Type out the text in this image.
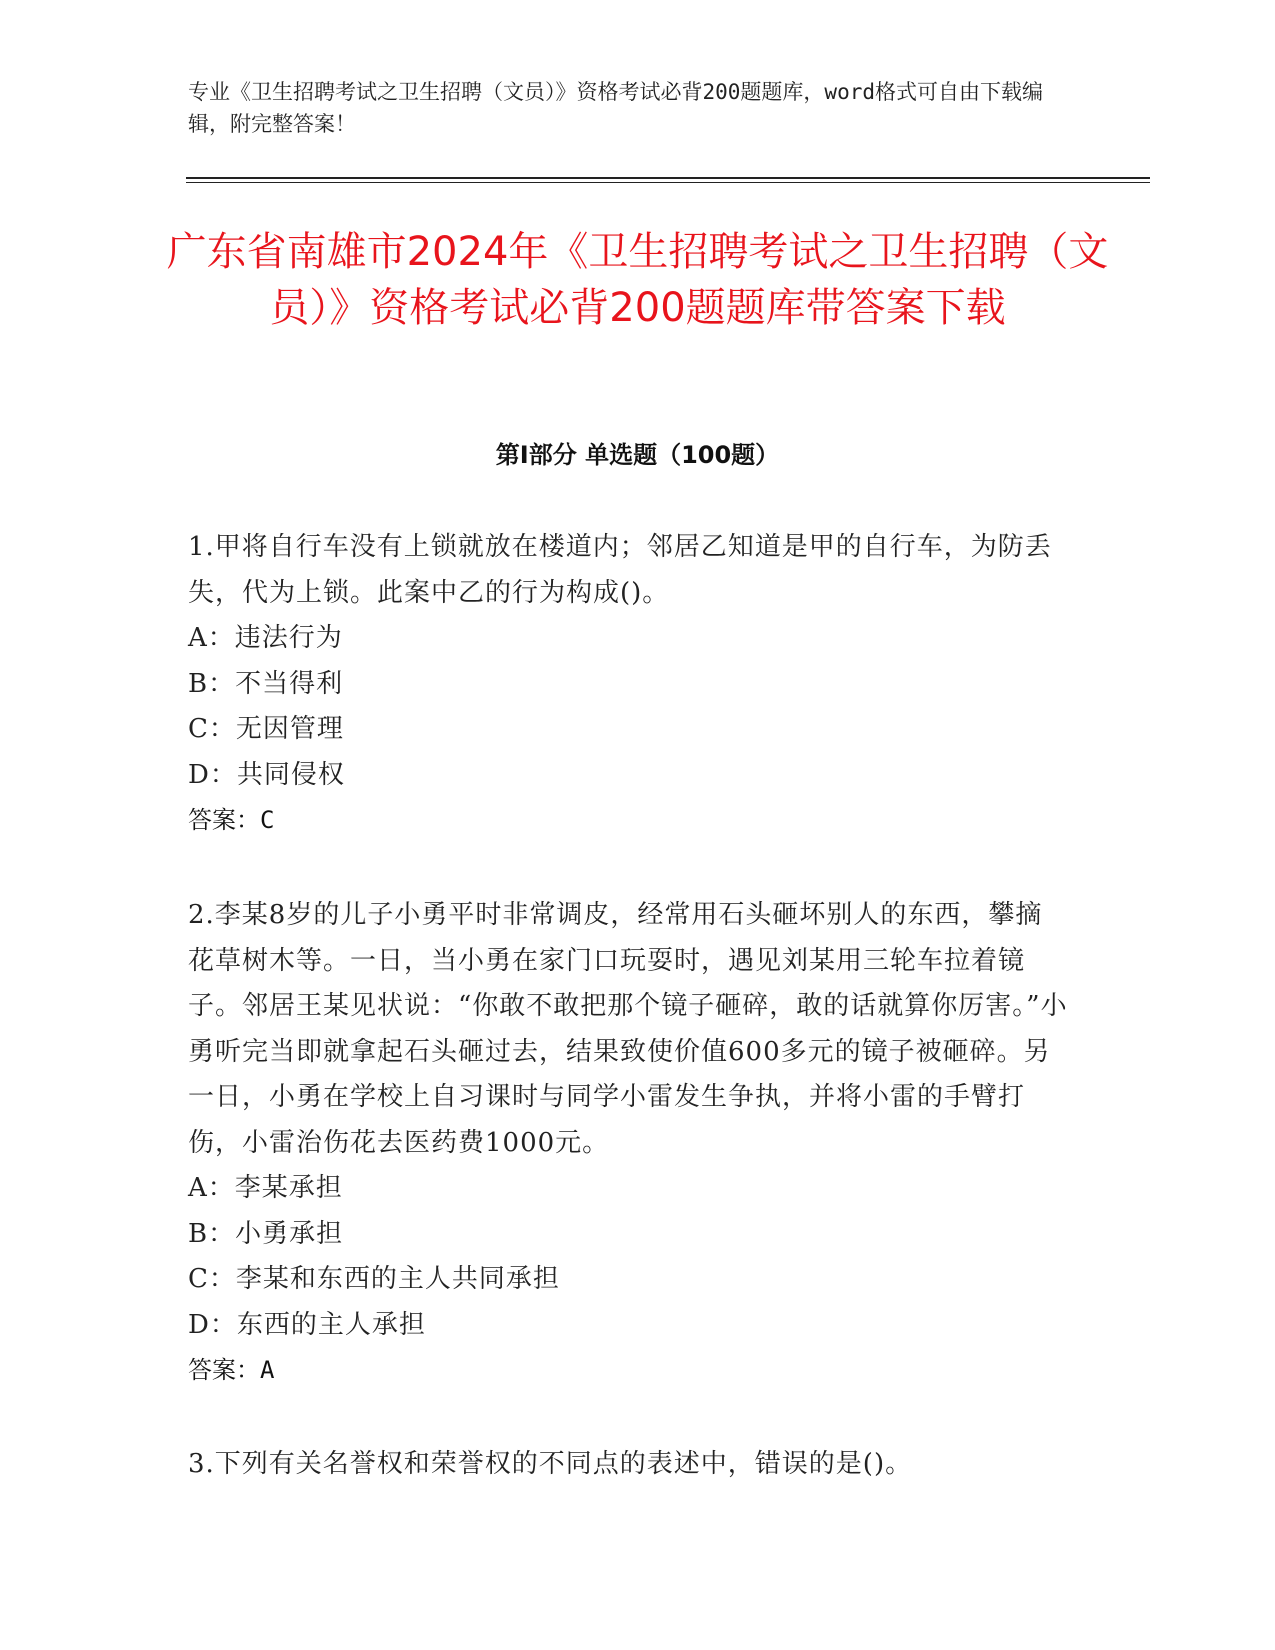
专业《卫生招聘考试之卫生招聘（文员）》资格考试必背200题题库，word格式可自由下载编辑，附完整答案！
广东省南雄市2024年《卫生招聘考试之卫生招聘（文员）》资格考试必背200题题库带答案下载
第I部分 单选题（100题）

1.甲将自行车没有上锁就放在楼道内；邻居乙知道是甲的自行车，为防丢失，代为上锁。此案中乙的行为构成()。

A：违法行为

B：不当得利

C：无因管理

D：共同侵权

答案：C

2.李某8岁的儿子小勇平时非常调皮，经常用石头砸坏别人的东西，攀摘花草树木等。一日，当小勇在家门口玩耍时，遇见刘某用三轮车拉着镜子。邻居王某见状说：“你敢不敢把那个镜子砸碎，敢的话就算你厉害。”小勇听完当即就拿起石头砸过去，结果致使价值600多元的镜子被砸碎。另一日，小勇在学校上自习课时与同学小雷发生争执，并将小雷的手臂打伤，小雷治伤花去医药费1000元。

A：李某承担

B：小勇承担

C：李某和东西的主人共同承担

D：东西的主人承担

答案：A

3.下列有关名誉权和荣誉权的不同点的表述中，错误的是()。
